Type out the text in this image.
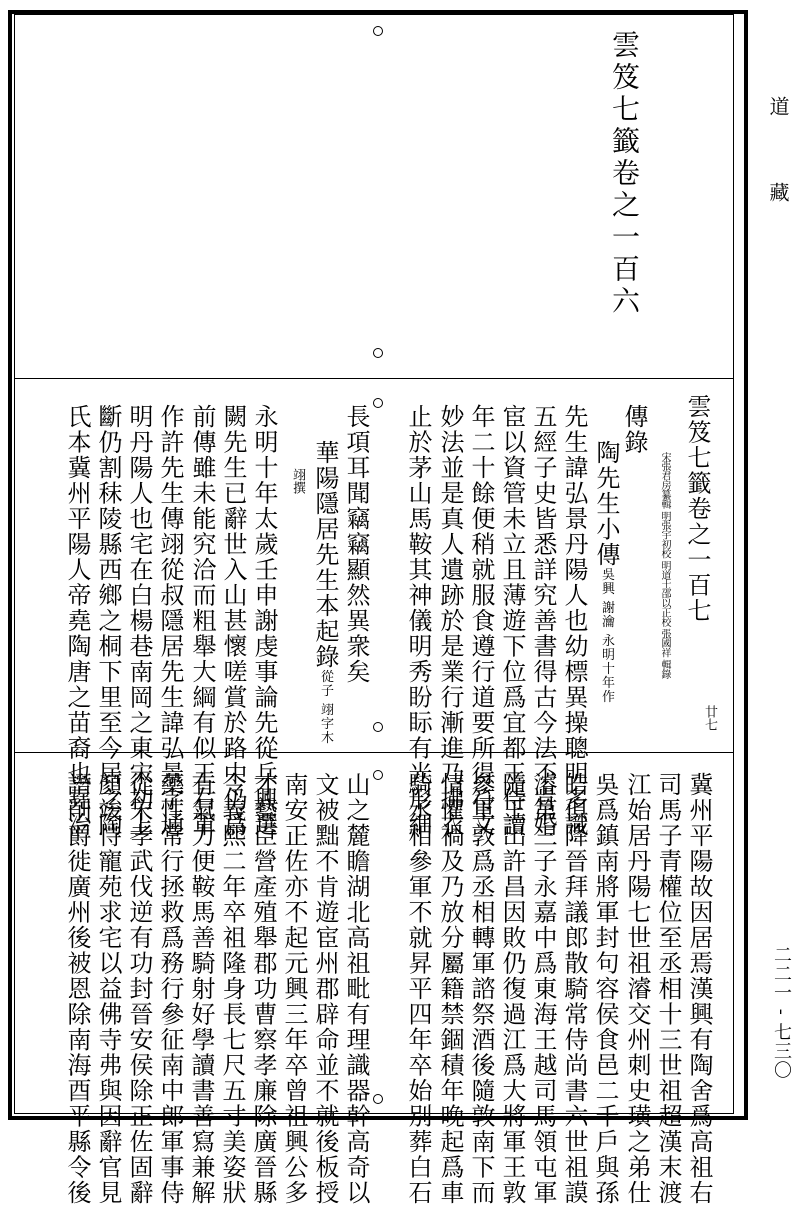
道
藏
二二一 - 七三〇
雲笈七籤卷之一百六
雲笈七籤卷之一百七
廿七
宋張君房纂輯 明張宇初校 明道士邵以正校 張國祥 輯錄
傳錄
陶先生小傳吳興 謝瀹 永明十年作
先生諱弘景丹陽人也幼標異操聰明多識
五經子史皆悉詳究善書得古今法不肯婚
宦以資管未立且薄遊下位爲宜都王侍讀
年二十餘便稍就服食遵行道要所得符文
妙法並是真人遺跡於是業行漸進乃拂衣
止於茅山馬鞍其神儀明秀盼眎有光形細
長項耳聞竊竊顯然異衆矣
華陽隱居先生本起錄從子 翊字木
翊撰
永明十年太歲壬申謝虔事論先從兵興選
闕先生已辭世入山甚懷嗟賞於路中仍爲
前傳雖未能究洽而粗舉大綱有似王右軍
作許先生傳翊從叔隱居先生諱弘景字通
明丹陽人也宅在白楊巷南岡之東宋初上
斷仍割秣陵縣西鄉之桐下里至今居之陶
氏本冀州平陽人帝堯陶唐之苗裔也堯治
冀州平陽故因居焉漢興有陶舍爲高祖右
司馬子青權位至丞相十三世祖超漢末渡
江始居丹陽七世祖濬交州刺史璜之弟仕
吳爲鎮南將軍封句容侯食邑二千戶與孫
皓俱降晉拜議郎散騎常侍尚書六世祖謨
濬第三子永嘉中爲東海王越司馬領屯軍
隨王出許昌因敗仍復過江爲大將軍王敦
參軍敦爲丞相轉軍諮祭酒後隨敦南下而
情懼禍及乃放分屬籍禁錮積年晚起爲車
騎丞相參軍不就昇平四年卒始別葬白石
山之麓瞻湖北高祖毗有理識器幹高奇以
文被黜不肯遊宦州郡辟命並不就後板授
南安正佐亦不起元興三年卒曾祖興公多
才藝臣營產殖舉郡功曹察孝廉除廣晉縣
令義熙二年卒祖隆身長七尺五寸美姿狀
有氣力便鞍馬善騎射好學讀書善寫兼解
藥性常行拯救爲務行參征南中郎軍事侍
從宋孝武伐逆有功封晉安侯除正佐固辭
顏竣恃寵苑求宅以益佛寺弗與因辭官見
譖削爵徙廣州後被恩除南海酉平縣令後
